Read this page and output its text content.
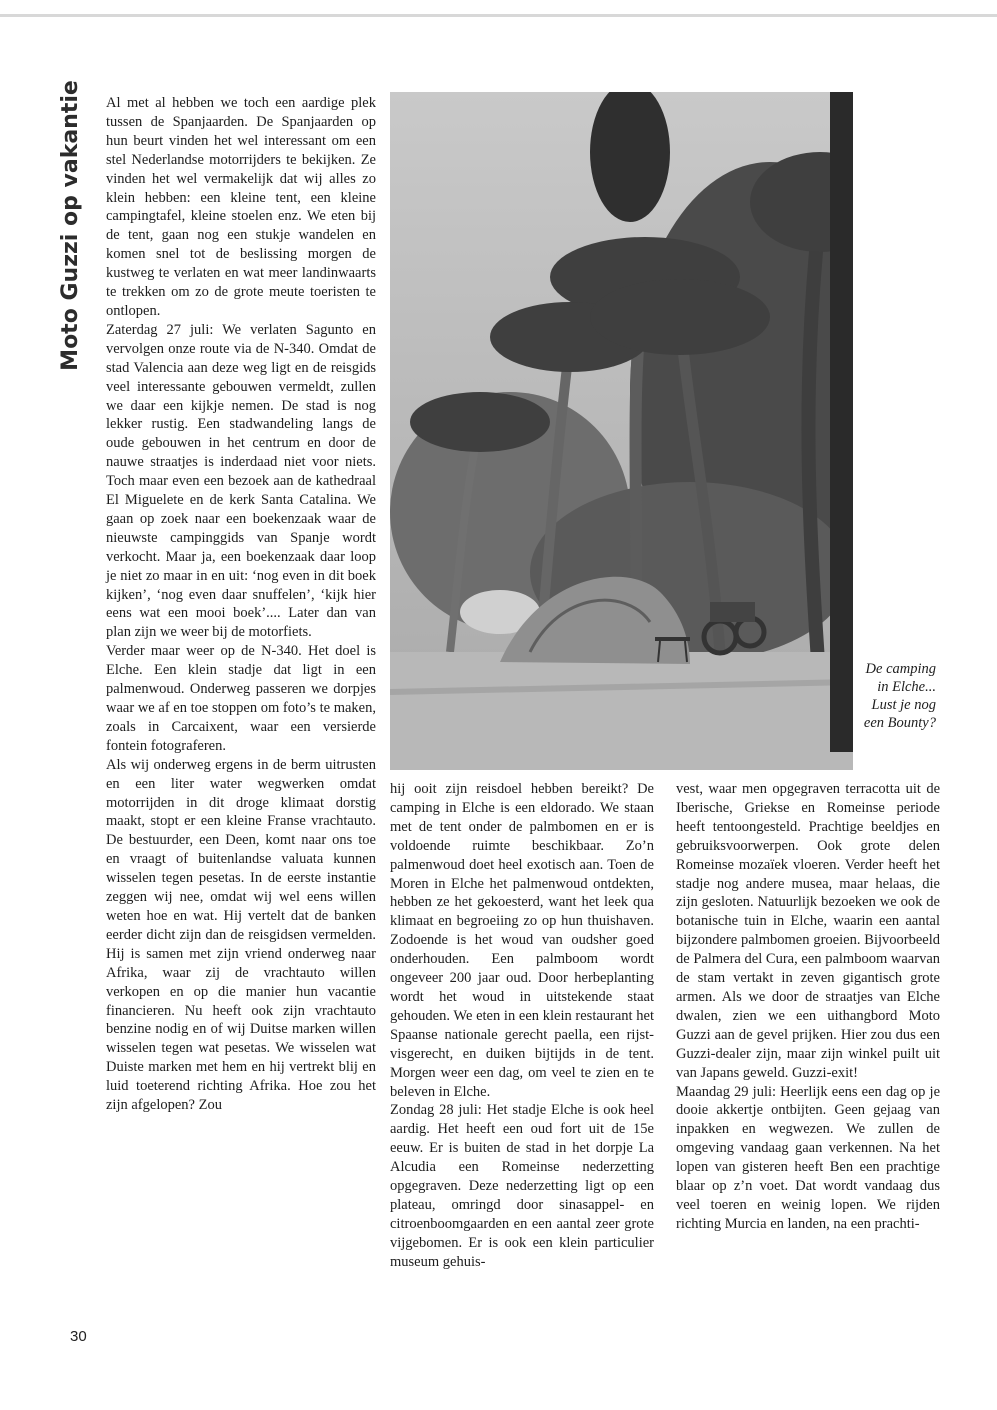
Moto Guzzi op vakantie Al met al hebben we toch een aardige plek tussen de Spanjaarden. De Spanjaarden op hun beurt vinden het wel interessant om een stel Nederlandse motorrijders te bekijken. Ze vinden het wel vermakelijk dat wij alles zo klein hebben: een kleine tent, een kleine campingtafel, kleine stoelen enz. We eten bij de tent, gaan nog een stukje wandelen en komen snel tot de beslissing morgen de kustweg te verlaten en wat meer landinwaarts te trekken om zo de grote meute toeristen te ontlopen.

Zaterdag 27 juli: We verlaten Sagunto en vervolgen onze route via de N-340. Omdat de stad Valencia aan deze weg ligt en de reisgids veel interessante gebouwen vermeldt, zullen we daar een kijkje nemen. De stad is nog lekker rustig. Een stadwandeling langs de oude gebouwen in het centrum en door de nauwe straatjes is inderdaad niet voor niets. Toch maar even een bezoek aan de kathedraal El Miguelete en de kerk Santa Catalina. We gaan op zoek naar een boekenzaak waar de nieuwste campinggids van Spanje wordt verkocht. Maar ja, een boekenzaak daar loop je niet zo maar in en uit: ‘nog even in dit boek kijken’, ‘nog even daar snuffelen’, ‘kijk hier eens wat een mooi boek’.... Later dan van plan zijn we weer bij de motorfiets.

Verder maar weer op de N-340. Het doel is Elche. Een klein stadje dat ligt in een palmenwoud. Onderweg passeren we dorpjes waar we af en toe stoppen om foto’s te maken, zoals in Carcaixent, waar een versierde fontein fotograferen.

Als wij onderweg ergens in de berm uitrusten en een liter water wegwerken omdat motorrijden in dit droge klimaat dorstig maakt, stopt er een kleine Franse vrachtauto. De bestuurder, een Deen, komt naar ons toe en vraagt of buitenlandse valuata kunnen wisselen tegen pesetas. In de eerste instantie zeggen wij nee, omdat wij wel eens willen weten hoe en wat. Hij vertelt dat de banken eerder dicht zijn dan de reisgidsen vermelden. Hij is samen met zijn vriend onderweg naar Afrika, waar zij de vrachtauto willen verkopen en op die manier hun vacantie financieren. Nu heeft ook zijn vrachtauto benzine nodig en of wij Duitse marken willen wisselen tegen wat pesetas. We wisselen wat Duiste marken met hem en hij vertrekt blij en luid toeterend richting Afrika. Hoe zou het zijn afgelopen? Zou

De camping in Elche... Lust je nog een Bounty?

hij ooit zijn reisdoel hebben bereikt? De camping in Elche is een eldorado. We staan met de tent onder de palmbomen en er is voldoende ruimte beschikbaar. Zo’n palmenwoud doet heel exotisch aan. Toen de Moren in Elche het palmenwoud ontdekten, hebben ze het gekoesterd, want het leek qua klimaat en begroeiing zo op hun thuishaven. Zodoende is het woud van oudsher goed onderhouden. Een palmboom wordt ongeveer 200 jaar oud. Door herbeplanting wordt het woud in uitstekende staat gehouden. We eten in een klein restaurant het Spaanse nationale gerecht paella, een rijst-visgerecht, en duiken bijtijds in de tent. Morgen weer een dag, om veel te zien en te beleven in Elche.

Zondag 28 juli: Het stadje Elche is ook heel aardig. Het heeft een oud fort uit de 15e eeuw. Er is buiten de stad in het dorpje La Alcudia een Romeinse nederzetting opgegraven. Deze nederzetting ligt op een plateau, omringd door sinasappel- en citroenboomgaarden en een aantal zeer grote vijgebomen. Er is ook een klein particulier museum gehuis-

vest, waar men opgegraven terracotta uit de Iberische, Griekse en Romeinse periode heeft tentoongesteld. Prachtige beeldjes en gebruiksvoorwerpen. Ook grote delen Romeinse mozaïek vloeren. Verder heeft het stadje nog andere musea, maar helaas, die zijn gesloten. Natuurlijk bezoeken we ook de botanische tuin in Elche, waarin een aantal bijzondere palmbomen groeien. Bijvoorbeeld de Palmera del Cura, een palmboom waarvan de stam vertakt in zeven gigantisch grote armen. Als we door de straatjes van Elche dwalen, zien we een uithangbord Moto Guzzi aan de gevel prijken. Hier zou dus een Guzzi-dealer zijn, maar zijn winkel puilt uit van Japans geweld. Guzzi-exit!

Maandag 29 juli: Heerlijk eens een dag op je dooie akkertje ontbijten. Geen gejaag van inpakken en wegwezen. We zullen de omgeving vandaag gaan verkennen. Na het lopen van gisteren heeft Ben een prachtige blaar op z’n voet. Dat wordt vandaag dus veel toeren en weinig lopen. We rijden richting Murcia en landen, na een prachti-

30
